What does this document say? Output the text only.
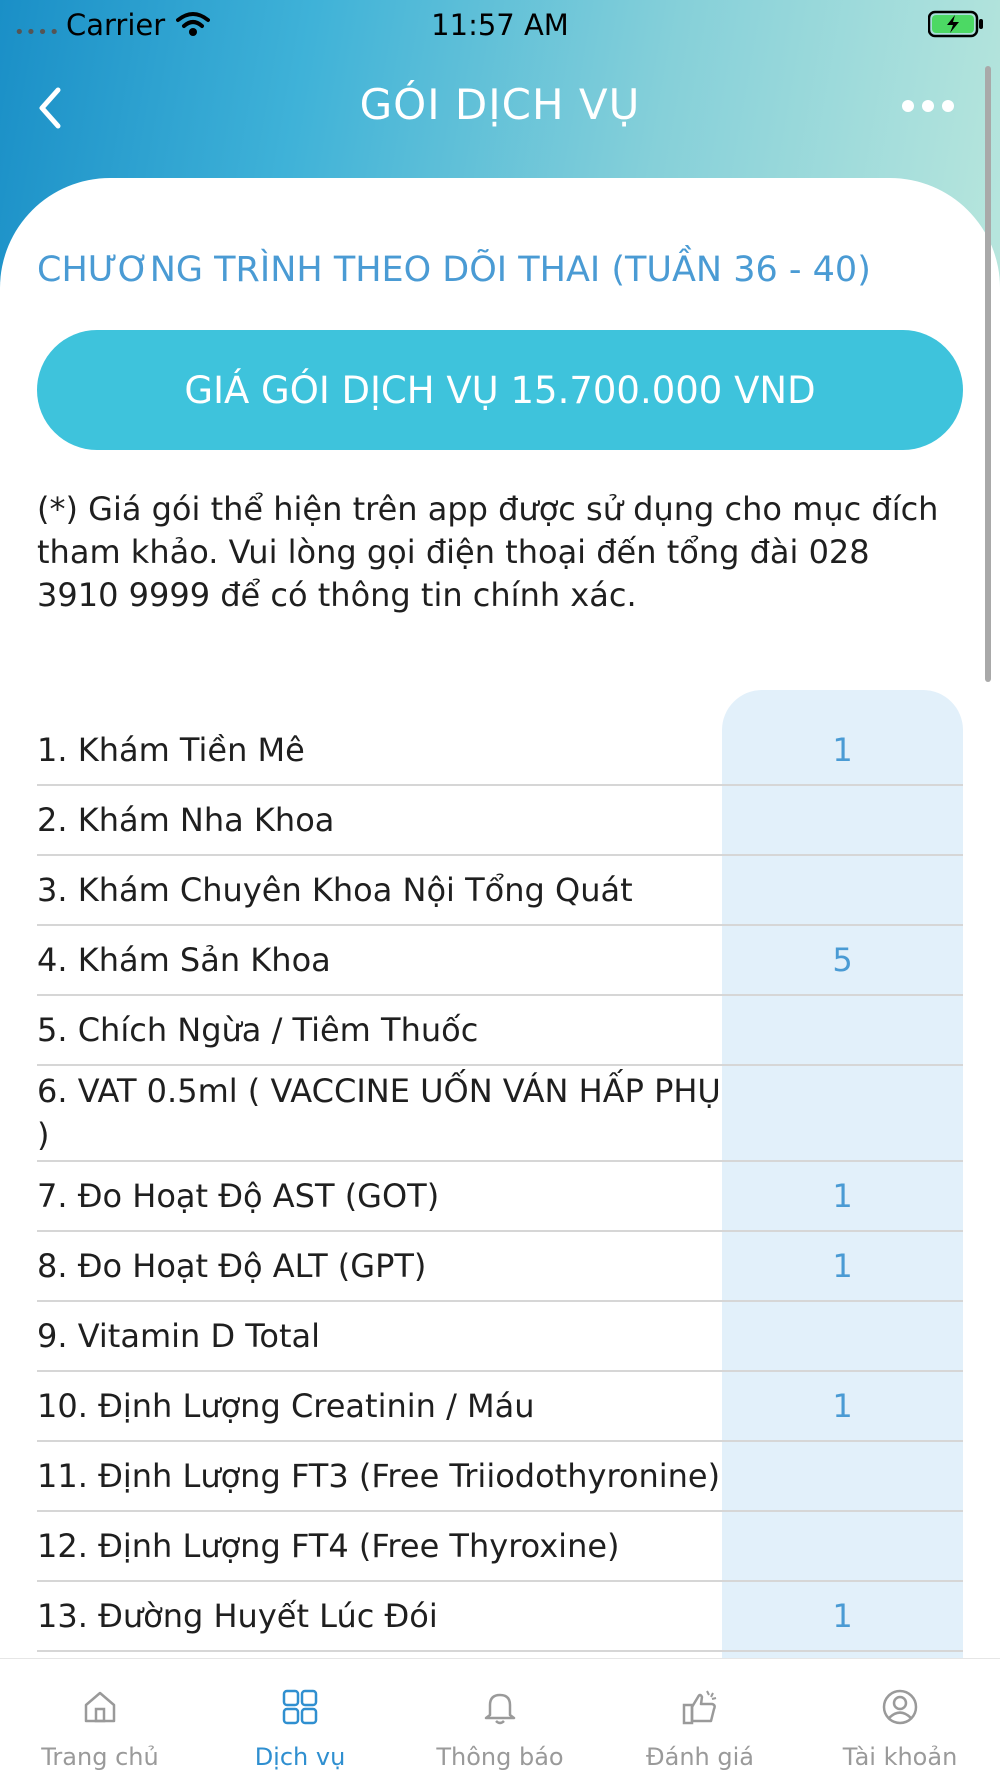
•••• Carrier	11:57 AM
GÓI DỊCH VỤ
CHƯƠNG TRÌNH THEO DÕI THAI (TUẦN 36 - 40)
GIÁ GÓI DỊCH VỤ 15.700.000 VND
(*) Giá gói thể hiện trên app được sử dụng cho mục đích tham khảo. Vui lòng gọi điện thoại đến tổng đài 028 3910 9999 để có thông tin chính xác.
1. Khám Tiền Mê	1
2. Khám Nha Khoa
3. Khám Chuyên Khoa Nội Tổng Quát
4. Khám Sản Khoa	5
5. Chích Ngừa / Tiêm Thuốc
6. VAT 0.5ml ( VACCINE UỐN VÁN HẤP PHỤ )
7. Đo Hoạt Độ AST (GOT)	1
8. Đo Hoạt Độ ALT (GPT)	1
9. Vitamin D Total
10. Định Lượng Creatinin / Máu	1
11. Định Lượng FT3 (Free Triiodothyronine)
12. Định Lượng FT4 (Free Thyroxine)
13. Đường Huyết Lúc Đói	1
Trang chủ	Dịch vụ	Thông báo	Đánh giá	Tài khoản
